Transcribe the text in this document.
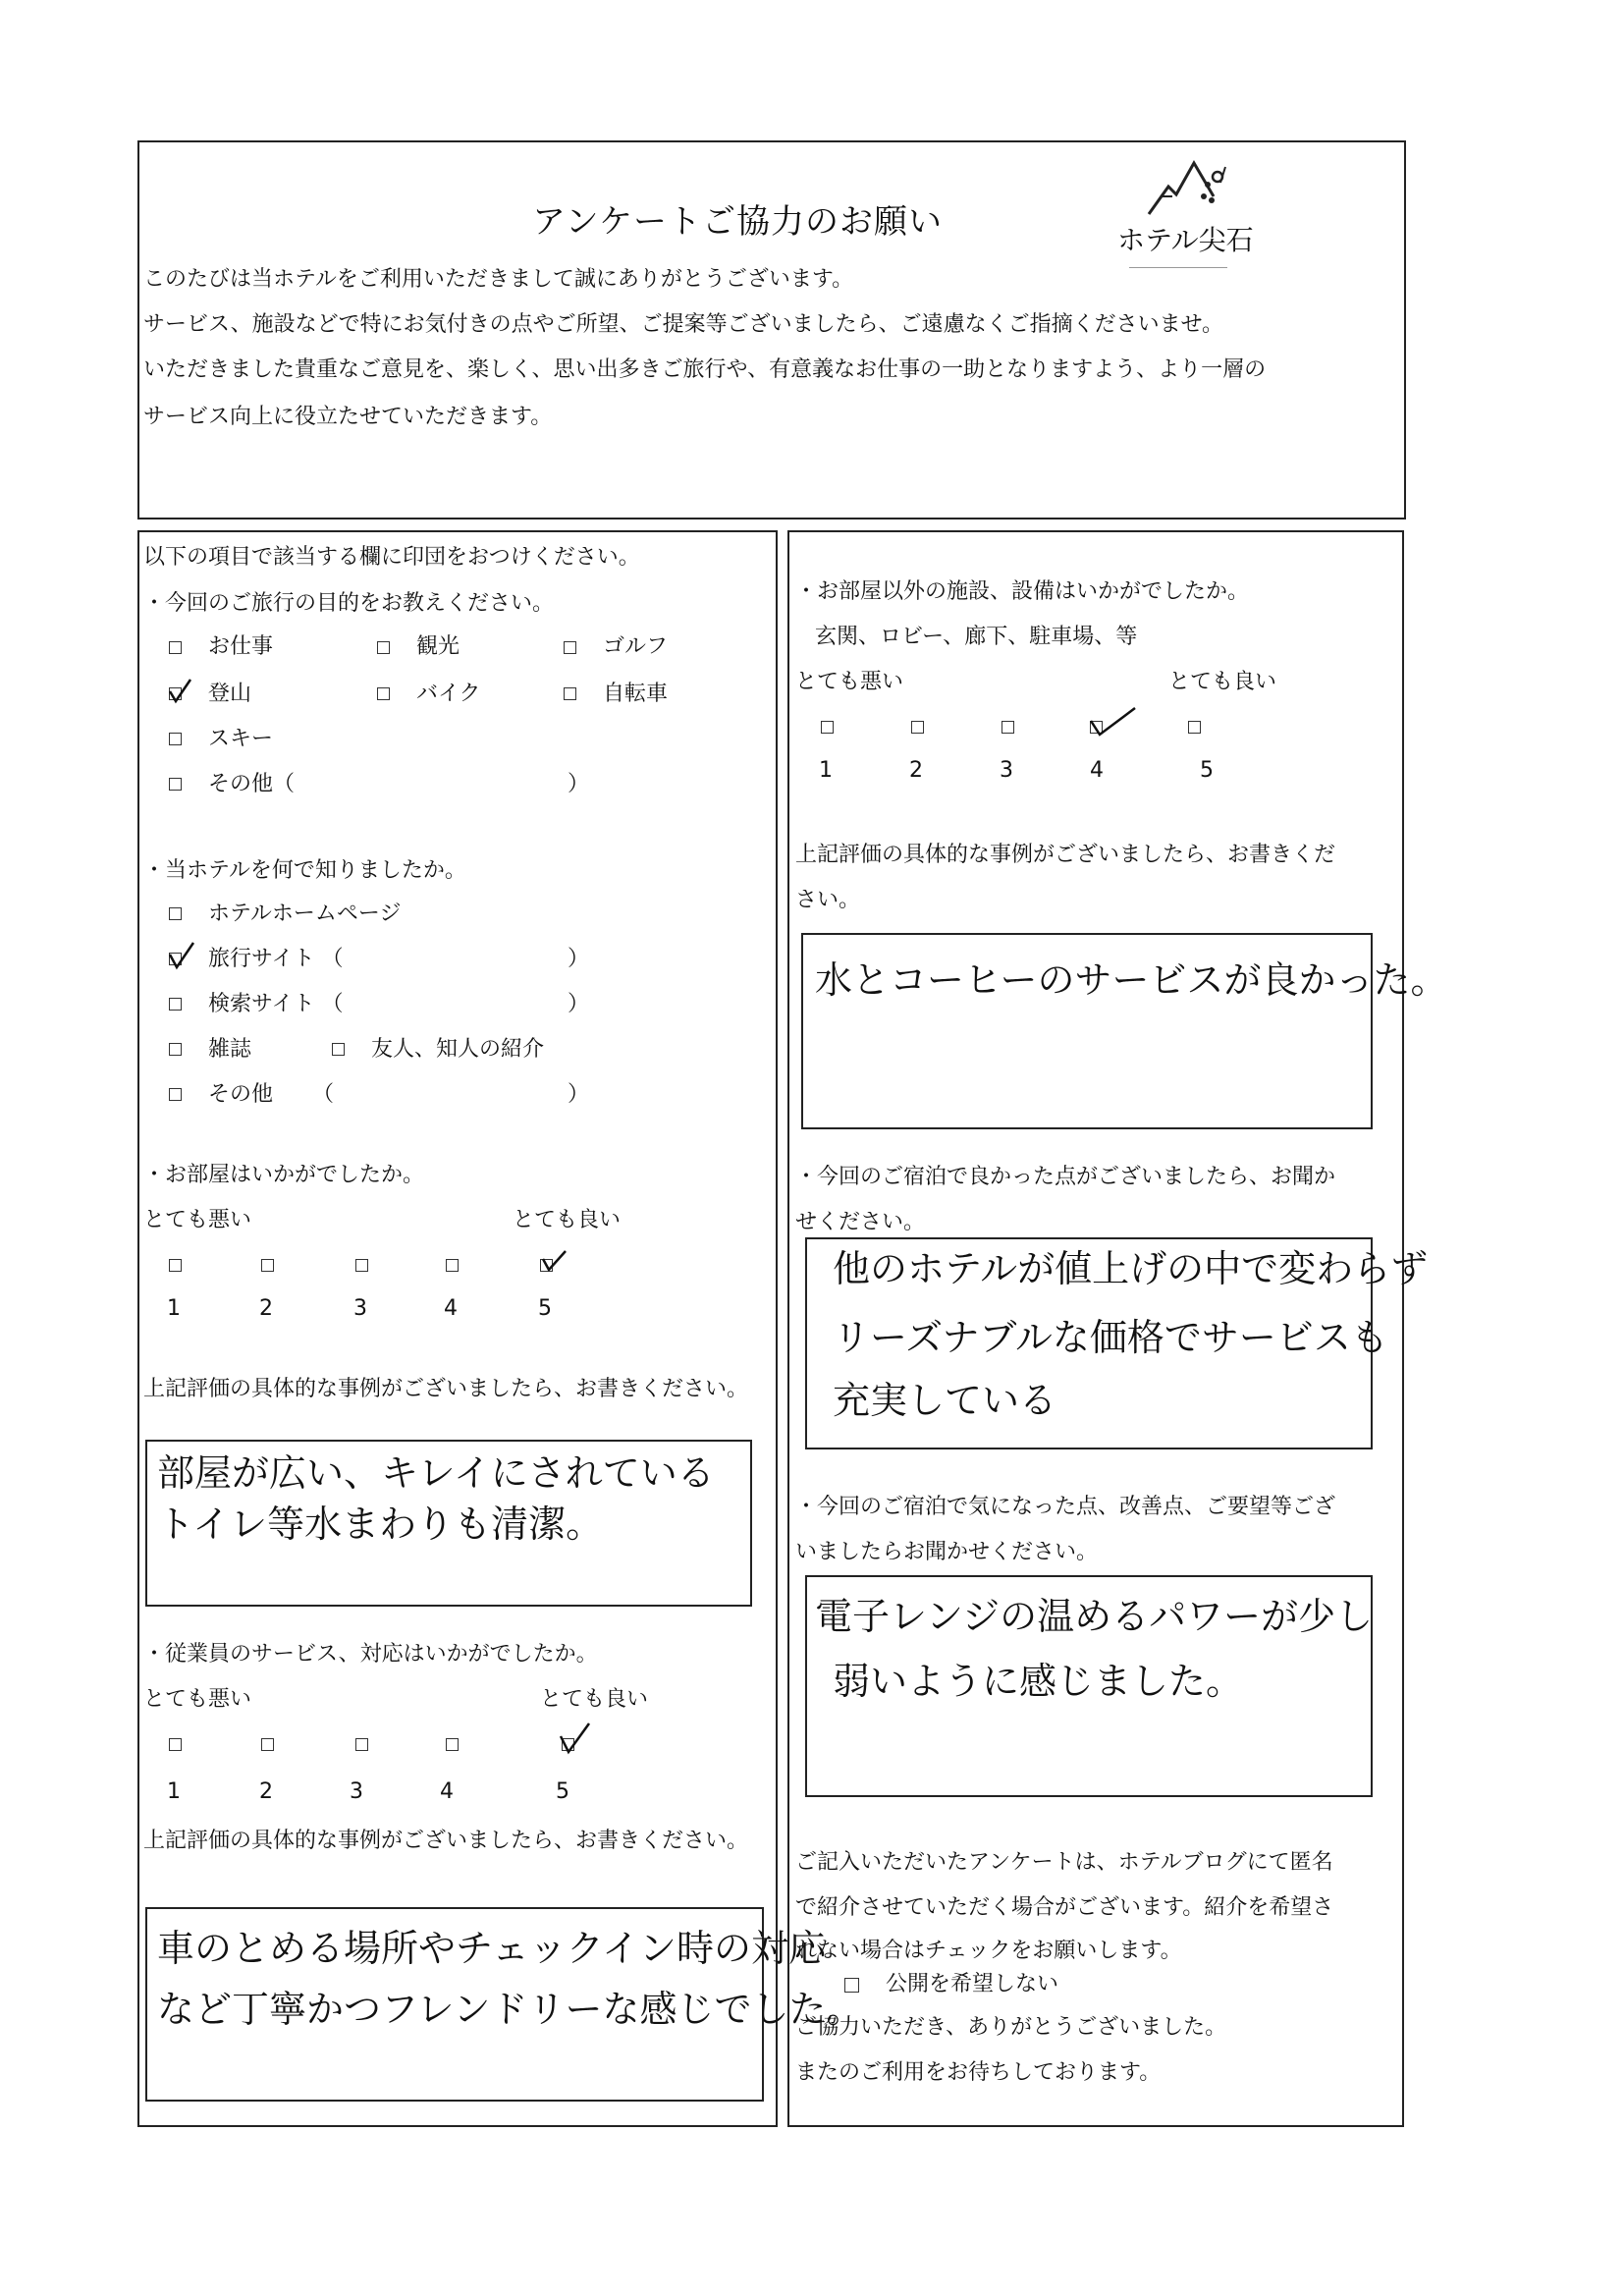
アンケートご協力のお願い	ホテル尖石
このたびは当ホテルをご利用いただきまして誠にありがとうございます。
サービス、施設などで特にお気付きの点やご所望、ご提案等ございましたら、ご遠慮なくご指摘くださいませ。
いただきました貴重なご意見を、楽しく、思い出多きご旅行や、有意義なお仕事の一助となりますよう、より一層の
サービス向上に役立たせていただきます。
以下の項目で該当する欄に印団をおつけください。
・今回のご旅行の目的をお教えください。
お仕事	観光	ゴルフ
登山	バイク	自転車
スキー
その他（	）
・当ホテルを何で知りましたか。
ホテルホームページ
旅行サイト （	）
検索サイト （	）
雑誌	友人、知人の紹介
その他 （	）
・お部屋はいかがでしたか。
とても悪い	とても良い
1	2	3	4	5
上記評価の具体的な事例がございましたら、お書きください。
部屋が広い、キレイにされている
トイレ等水まわりも清潔。
・従業員のサービス、対応はいかがでしたか。
とても悪い	とても良い
1	2	3	4	5
上記評価の具体的な事例がございましたら、お書きください。
車のとめる場所やチェックイン時の対応
など丁寧かつフレンドリーな感じでした。
・お部屋以外の施設、設備はいかがでしたか。
玄関、ロビー、廊下、駐車場、等
とても悪い	とても良い
1	2	3	4	5
上記評価の具体的な事例がございましたら、お書きくだ
さい。
水とコーヒーのサービスが良かった。
・今回のご宿泊で良かった点がございましたら、お聞か
せください。
他のホテルが値上げの中で変わらず
リーズナブルな価格でサービスも
充実している
・今回のご宿泊で気になった点、改善点、ご要望等ござ
いましたらお聞かせください。
電子レンジの温めるパワーが少し
弱いように感じました。
ご記入いただいたアンケートは、ホテルブログにて匿名
で紹介させていただく場合がございます。紹介を希望さ
れない場合はチェックをお願いします。
公開を希望しない
ご協力いただき、ありがとうございました。
またのご利用をお待ちしております。
